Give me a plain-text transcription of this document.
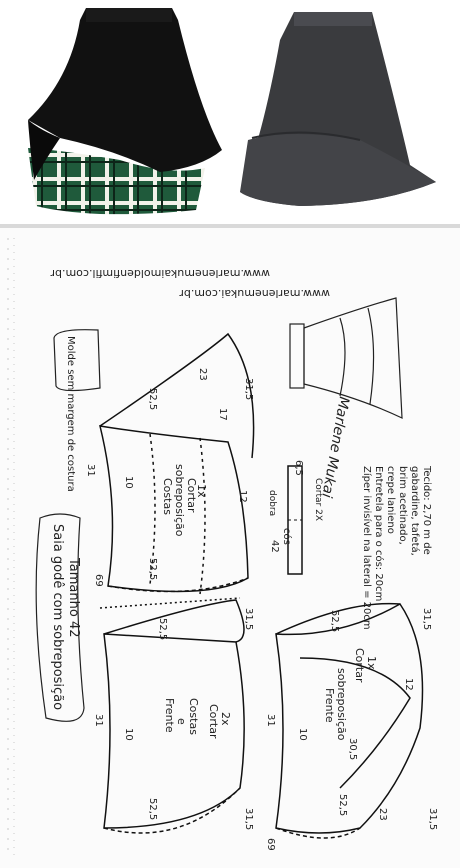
www.marlenemukai.com.br
www.marlenemukaimoldenfimfil.com.br
Molde sem margem de costura	Marlene Mukai
Costas sobreposição Cortar
1x
52,5
23
31,5
17
31
10
52,5
12
69
Tecido: 2,70 m de
gabardine, tafetá,
brim acetinado,
crepe lanieno
Entretela para o cós: 20cm
Zíper invisível na lateral = 20cm
cós
Cortar 2X
dobra
42
6,5
Saia godê com sobreposição Tamanho 42
Frente e Costas Cortar 2x
52,5	31,5
31
10
52,5	31,5
Frente sobreposição
Cortar 1x
52,5	31,5
12
31
10
30,5
23
52,5
31,5
69
